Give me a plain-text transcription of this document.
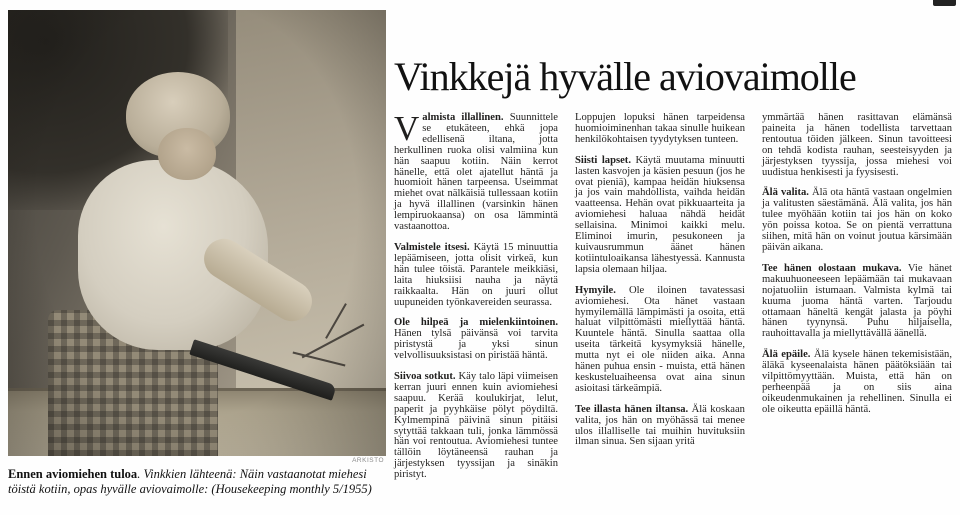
ARKISTO
Ennen aviomiehen tuloa. Vinkkien lähteenä: Näin vastaanotat miehesi töistä kotiin, opas hyvälle aviovaimolle: (Housekeeping monthly 5/1955)
Vinkkejä hyvälle aviovaimolle

Valmista illallinen. Suunnittele se etukäteen, ehkä jopa edellisenä iltana, jotta herkullinen ruoka olisi valmiina kun hän saapuu kotiin. Näin kerrot hänelle, että olet ajatellut häntä ja huomioit hänen tarpeensa. Useimmat miehet ovat nälkäisiä tullessaan kotiin ja hyvä illallinen (varsinkin hänen lempiruokaansa) on osa lämmintä vastaanottoa.

Valmistele itsesi. Käytä 15 minuuttia lepäämiseen, jotta olisit virkeä, kun hän tulee töistä. Parantele meikkiäsi, laita hiuksiisi nauha ja näytä raikkaalta. Hän on juuri ollut uupuneiden työnkavereiden seurassa.

Ole hilpeä ja mielenkiintoinen. Hänen tylsä päivänsä voi tarvita piristystä ja yksi sinun velvollisuuksistasi on piristää häntä.

Siivoa sotkut. Käy talo läpi viimeisen kerran juuri ennen kuin aviomiehesi saapuu. Kerää koulukirjat, lelut, paperit ja pyyhkäise pölyt pöydiltä. Kylmempinä päivinä sinun pitäisi sytyttää takkaan tuli, jonka lämmössä hän voi rentoutua. Aviomiehesi tuntee tällöin löytäneensä rauhan ja järjestyksen tyyssijan ja sinäkin piristyt.

Loppujen lopuksi hänen tarpeidensa huomioiminenhan takaa sinulle huikean henkilökohtaisen tyydytyksen tunteen.

Siisti lapset. Käytä muutama minuutti lasten kasvojen ja käsien pesuun (jos he ovat pieniä), kampaa heidän hiuksensa ja jos vain mahdollista, vaihda heidän vaatteensa. Hehän ovat pikkuaarteita ja aviomiehesi haluaa nähdä heidät sellaisina. Minimoi kaikki melu. Eliminoi imurin, pesukoneen ja kuivausrummun äänet hänen kotiintuloaikansa lähestyessä. Kannusta lapsia olemaan hiljaa.

Hymyile. Ole iloinen tavatessasi aviomiehesi. Ota hänet vastaan hymyilemällä lämpimästi ja osoita, että haluat vilpittömästi miellyttää häntä. Kuuntele häntä. Sinulla saattaa olla useita tärkeitä kysymyksiä hänelle, mutta nyt ei ole niiden aika. Anna hänen puhua ensin - muista, että hänen keskusteluaiheensa ovat aina sinun asioitasi tärkeämpiä.

Tee illasta hänen iltansa. Älä koskaan valita, jos hän on myöhässä tai menee ulos illalliselle tai muihin huvituksiin ilman sinua. Sen sijaan yritä

ymmärtää hänen rasittavan elämänsä paineita ja hänen todellista tarvettaan rentoutua töiden jälkeen. Sinun tavoitteesi on tehdä kodista rauhan, seesteisyyden ja järjestyksen tyyssija, jossa miehesi voi uudistua henkisesti ja fyysisesti.

Älä valita. Älä ota häntä vastaan ongelmien ja valitusten säestämänä. Älä valita, jos hän tulee myöhään kotiin tai jos hän on koko yön poissa kotoa. Se on pientä verrattuna siihen, mitä hän on voinut joutua kärsimään päivän aikana.

Tee hänen olostaan mukava. Vie hänet makuuhuoneeseen lepäämään tai mukavaan nojatuoliin istumaan. Valmista kylmä tai kuuma juoma häntä varten. Tarjoudu ottamaan häneltä kengät jalasta ja pöyhi hänen tyynynsä. Puhu hiljaisella, rauhoittavalla ja miellyttävällä äänellä.

Älä epäile. Älä kysele hänen tekemisistään, äläkä kyseenalaista hänen päätöksiään tai vilpittömyyttään. Muista, että hän on perheenpää ja on siis aina oikeudenmukainen ja rehellinen. Sinulla ei ole oikeutta epäillä häntä.
